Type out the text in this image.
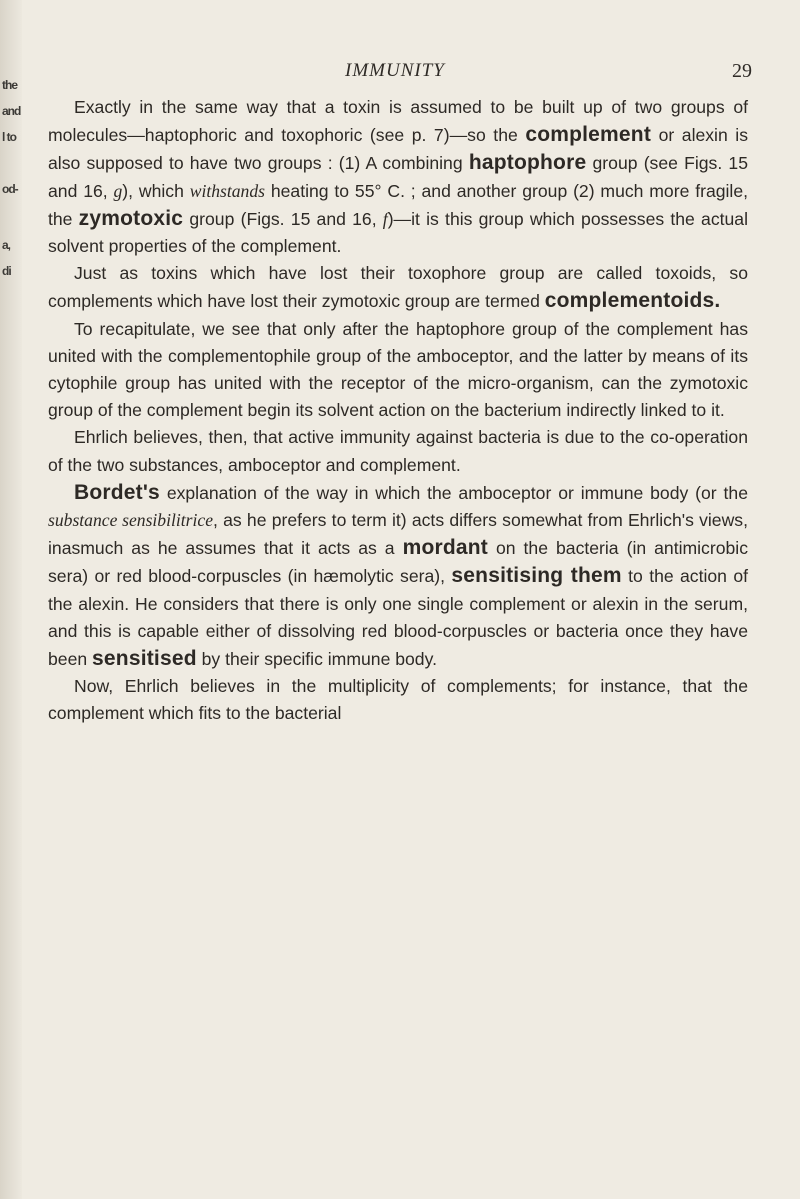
the
and
l to
od-
a,
di
IMMUNITY	29

Exactly in the same way that a toxin is assumed to be built up of two groups of molecules—haptophoric and toxophoric (see p. 7)—so the complement or alexin is also supposed to have two groups : (1) A combining haptophore group (see Figs. 15 and 16, g), which withstands heating to 55° C. ; and another group (2) much more fragile, the zymotoxic group (Figs. 15 and 16, f)—it is this group which possesses the actual solvent properties of the complement.

Just as toxins which have lost their toxophore group are called toxoids, so complements which have lost their zymotoxic group are termed complementoids.

To recapitulate, we see that only after the haptophore group of the complement has united with the complementophile group of the amboceptor, and the latter by means of its cytophile group has united with the receptor of the micro-organism, can the zymotoxic group of the complement begin its solvent action on the bacterium indirectly linked to it.

Ehrlich believes, then, that active immunity against bacteria is due to the co-operation of the two substances, amboceptor and complement.

Bordet's explanation of the way in which the amboceptor or immune body (or the substance sensibilitrice, as he prefers to term it) acts differs somewhat from Ehrlich's views, inasmuch as he assumes that it acts as a mordant on the bacteria (in antimicrobic sera) or red blood-corpuscles (in hæmolytic sera), sensitising them to the action of the alexin. He considers that there is only one single complement or alexin in the serum, and this is capable either of dissolving red blood-corpuscles or bacteria once they have been sensitised by their specific immune body.

Now, Ehrlich believes in the multiplicity of complements; for instance, that the complement which fits to the bacterial
